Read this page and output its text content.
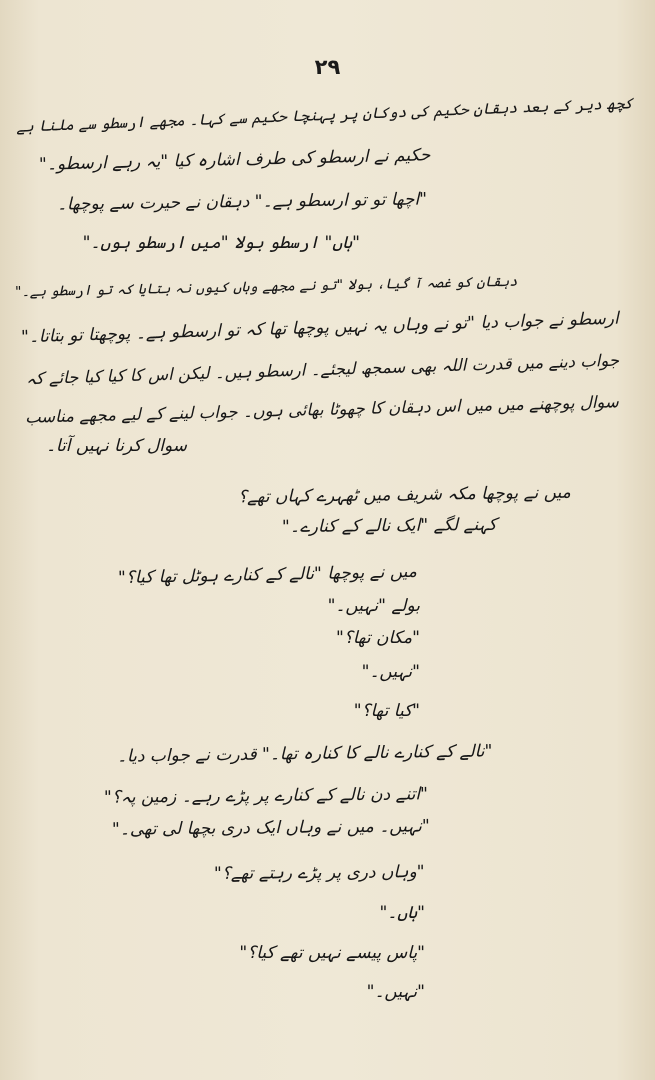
۲۹
کچھ دیر کے بعد دہقان حکیم کی دوکان پر پہنچا حکیم سے کہا۔ مجھے ارسطو سے ملنا ہے
حکیم نے ارسطو کی طرف اشارہ کیا "یہ رہے ارسطو۔"
"اچھا تو تو ارسطو ہے۔" دہقان نے حیرت سے پوچھا۔
"ہاں" ارسطو بولا "میں ارسطو ہوں۔"
دہقان کو غصہ آ گیا، بولا "تو نے مجھے وہاں کیوں نہ بتایا کہ تو ارسطو ہے۔"
ارسطو نے جواب دیا "تو نے وہاں یہ نہیں پوچھا تھا کہ تو ارسطو ہے۔ پوچھتا تو بتاتا۔"
جواب دینے میں قدرت اللہ بھی سمجھ لیجئے۔ ارسطو ہیں۔ لیکن اس کا کیا کیا جائے کہ
سوال پوچھنے میں میں اس دہقان کا چھوٹا بھائی ہوں۔ جواب لینے کے لیے مجھے مناسب
سوال کرنا نہیں آتا۔
میں نے پوچھا مکہ شریف میں ٹھہرے کہاں تھے؟
کہنے لگے "ایک نالے کے کنارے۔"
میں نے پوچھا "نالے کے کنارے ہوٹل تھا کیا؟"
بولے "نہیں۔"
"مکان تھا؟"
"نہیں۔"
"کیا تھا؟"
"نالے کے کنارے نالے کا کنارہ تھا۔" قدرت نے جواب دیا۔
"اتنے دن نالے کے کنارے پر پڑے رہے۔ زمین پہ؟"
"نہیں۔ میں نے وہاں ایک دری بچھا لی تھی۔"
"وہاں دری پر پڑے رہتے تھے؟"
"ہاں۔"
"پاس پیسے نہیں تھے کیا؟"
"نہیں۔"
